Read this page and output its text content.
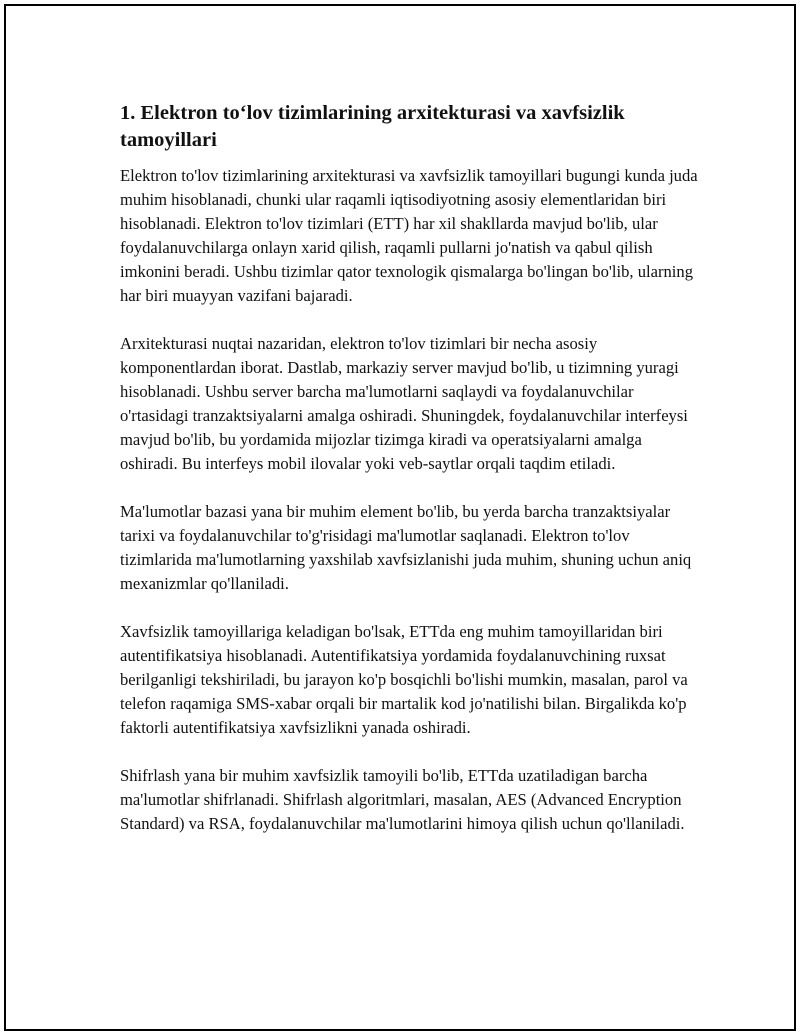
1. Elektron to‘lov tizimlarining arxitekturasi va xavfsizlik tamoyillari

Elektron to'lov tizimlarining arxitekturasi va xavfsizlik tamoyillari bugungi kunda juda muhim hisoblanadi, chunki ular raqamli iqtisodiyotning asosiy elementlaridan biri hisoblanadi. Elektron to'lov tizimlari (ETT) har xil shakllarda mavjud bo'lib, ular foydalanuvchilarga onlayn xarid qilish, raqamli pullarni jo'natish va qabul qilish imkonini beradi. Ushbu tizimlar qator texnologik qismalarga bo'lingan bo'lib, ularning har biri muayyan vazifani bajaradi.

Arxitekturasi nuqtai nazaridan, elektron to'lov tizimlari bir necha asosiy komponentlardan iborat. Dastlab, markaziy server mavjud bo'lib, u tizimning yuragi hisoblanadi. Ushbu server barcha ma'lumotlarni saqlaydi va foydalanuvchilar o'rtasidagi tranzaktsiyalarni amalga oshiradi. Shuningdek, foydalanuvchilar interfeysi mavjud bo'lib, bu yordamida mijozlar tizimga kiradi va operatsiyalarni amalga oshiradi. Bu interfeys mobil ilovalar yoki veb-saytlar orqali taqdim etiladi.

Ma'lumotlar bazasi yana bir muhim element bo'lib, bu yerda barcha tranzaktsiyalar tarixi va foydalanuvchilar to'g'risidagi ma'lumotlar saqlanadi. Elektron to'lov tizimlarida ma'lumotlarning yaxshilab xavfsizlanishi juda muhim, shuning uchun aniq mexanizmlar qo'llaniladi.

Xavfsizlik tamoyillariga keladigan bo'lsak, ETTda eng muhim tamoyillaridan biri autentifikatsiya hisoblanadi. Autentifikatsiya yordamida foydalanuvchining ruxsat berilganligi tekshiriladi, bu jarayon ko'p bosqichli bo'lishi mumkin, masalan, parol va telefon raqamiga SMS-xabar orqali bir martalik kod jo'natilishi bilan. Birgalikda ko'p faktorli autentifikatsiya xavfsizlikni yanada oshiradi.

Shifrlash yana bir muhim xavfsizlik tamoyili bo'lib, ETTda uzatiladigan barcha ma'lumotlar shifrlanadi. Shifrlash algoritmlari, masalan, AES (Advanced Encryption Standard) va RSA, foydalanuvchilar ma'lumotlarini himoya qilish uchun qo'llaniladi.
